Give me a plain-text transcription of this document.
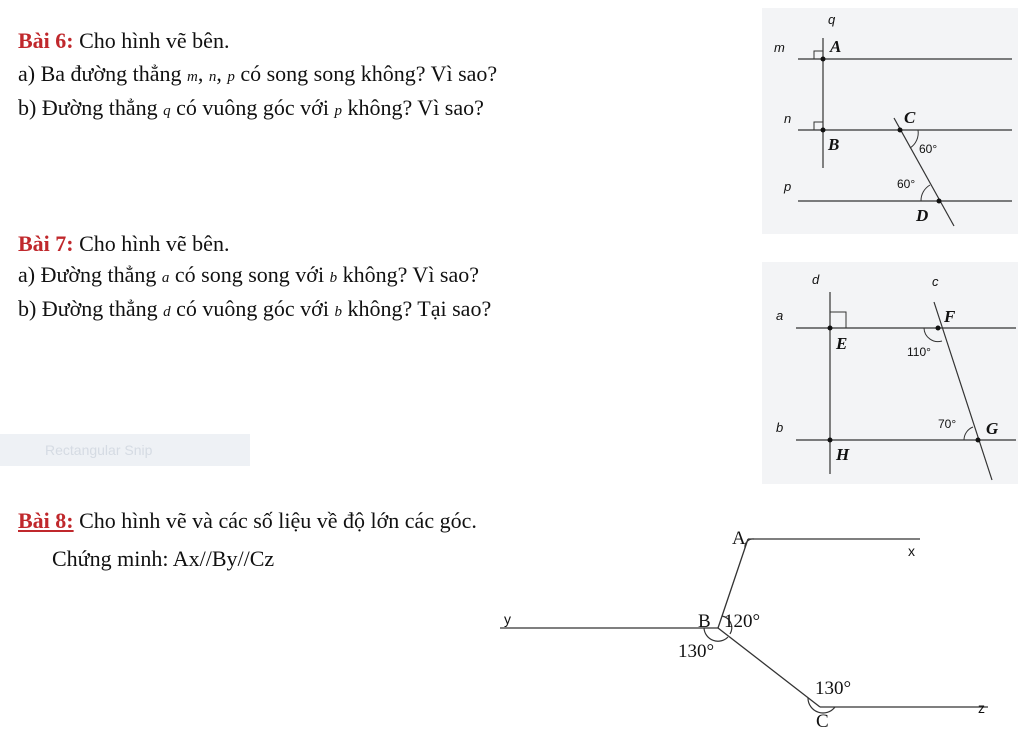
Bài 6: Cho hình vẽ bên.
a) Ba đường thẳng m, n, p có song song không? Vì sao?
b) Đường thẳng q có vuông góc với p không? Vì sao?
q
m
n
p
A
B
C
D
60°
60°
Bài 7: Cho hình vẽ bên.
a) Đường thẳng a có song song với b không? Vì sao?
b) Đường thẳng d có vuông góc với b không? Tại sao?
d	c
a
b
E
F
G
H
110°
70°
Rectangular Snip
Bài 8: Cho hình vẽ và các số liệu về độ lớn các góc.
Chứng minh: Ax//By//Cz
A
x
y	B
C
z
120°
130°
130°
